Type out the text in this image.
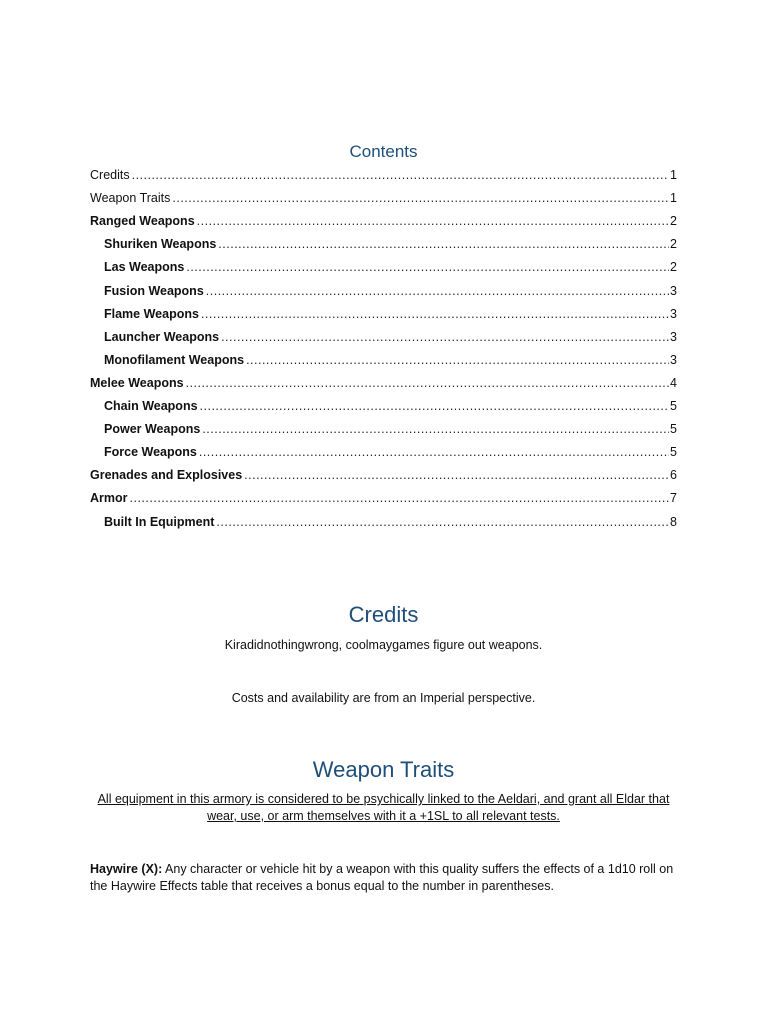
Contents
Credits .....	1
Weapon Traits .....	1
Ranged Weapons .....	2
Shuriken Weapons .....	2
Las Weapons .....	2
Fusion Weapons .....	3
Flame Weapons .....	3
Launcher Weapons .....	3
Monofilament Weapons .....	3
Melee Weapons .....	4
Chain Weapons .....	5
Power Weapons .....	5
Force Weapons .....	5
Grenades and Explosives .....	6
Armor .....	7
Built In Equipment .....	8
Credits

Kiradidnothingwrong, coolmaygames figure out weapons.

Costs and availability are from an Imperial perspective.

Weapon Traits

All equipment in this armory is considered to be psychically linked to the Aeldari, and grant all Eldar that wear, use, or arm themselves with it a +1SL to all relevant tests.

Haywire (X): Any character or vehicle hit by a weapon with this quality suffers the effects of a 1d10 roll on the Haywire Effects table that receives a bonus equal to the number in parentheses.
